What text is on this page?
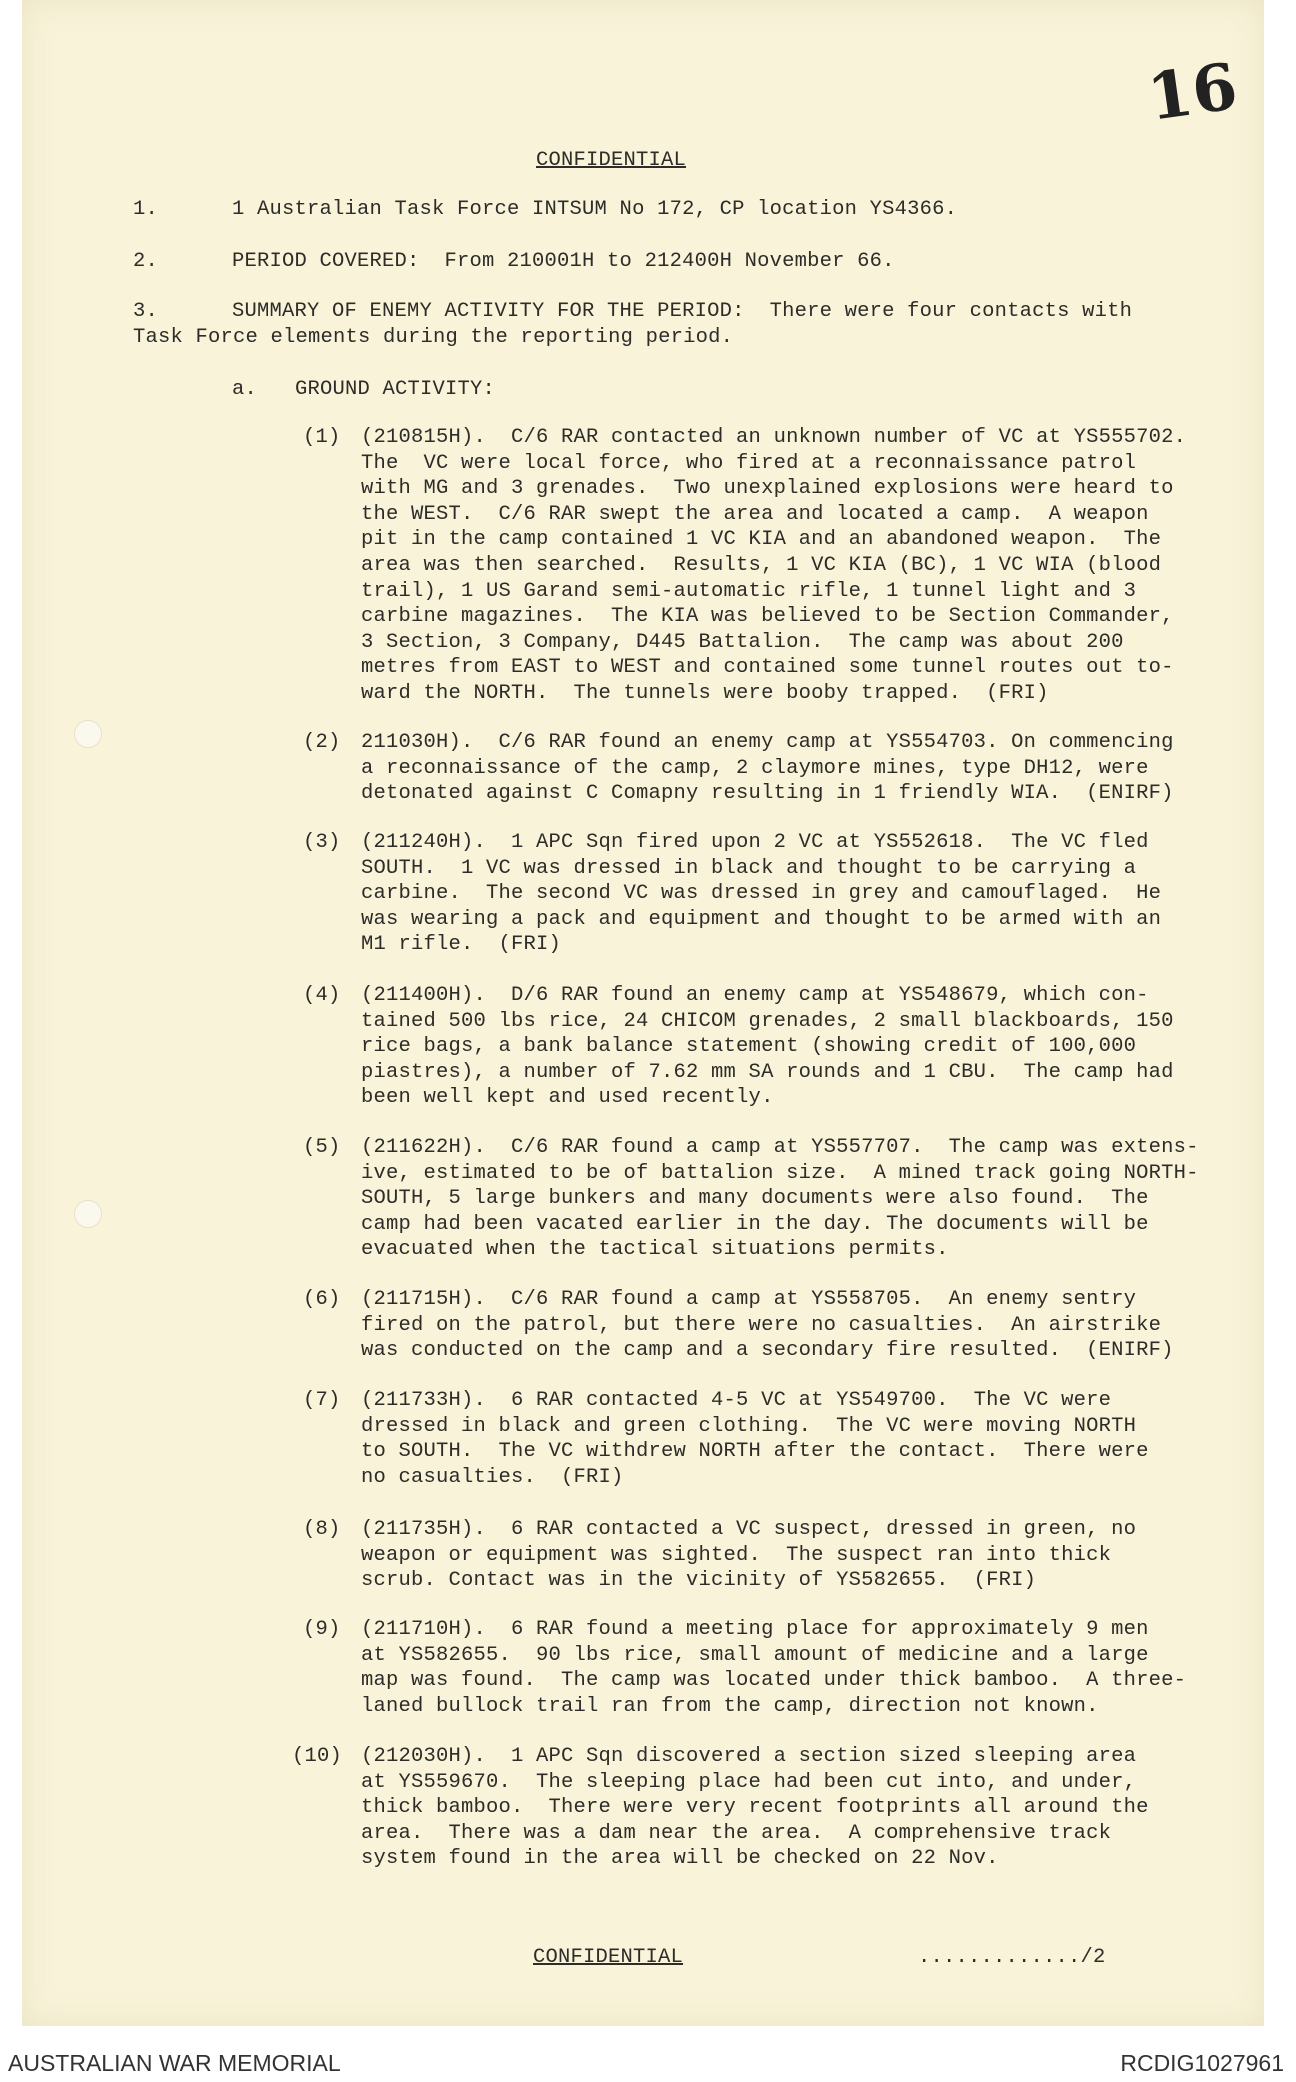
16
CONFIDENTIAL
1.	1 Australian Task Force INTSUM No 172, CP location YS4366.
2.	PERIOD COVERED:  From 210001H to 212400H November 66.
3.	SUMMARY OF ENEMY ACTIVITY FOR THE PERIOD:  There were four contacts with
Task Force elements during the reporting period.
a. GROUND ACTIVITY:
(1) (210815H).  C/6 RAR contacted an unknown number of VC at YS555702.
The  VC were local force, who fired at a reconnaissance patrol
with MG and 3 grenades.  Two unexplained explosions were heard to
the WEST.  C/6 RAR swept the area and located a camp.  A weapon
pit in the camp contained 1 VC KIA and an abandoned weapon.  The
area was then searched.  Results, 1 VC KIA (BC), 1 VC WIA (blood
trail), 1 US Garand semi-automatic rifle, 1 tunnel light and 3
carbine magazines.  The KIA was believed to be Section Commander,
3 Section, 3 Company, D445 Battalion.  The camp was about 200
metres from EAST to WEST and contained some tunnel routes out to-
ward the NORTH.  The tunnels were booby trapped.  (FRI)
(2) 211030H).  C/6 RAR found an enemy camp at YS554703. On commencing
a reconnaissance of the camp, 2 claymore mines, type DH12, were
detonated against C Comapny resulting in 1 friendly WIA.  (ENIRF)
(3) (211240H).  1 APC Sqn fired upon 2 VC at YS552618.  The VC fled
SOUTH.  1 VC was dressed in black and thought to be carrying a
carbine.  The second VC was dressed in grey and camouflaged.  He
was wearing a pack and equipment and thought to be armed with an
M1 rifle.  (FRI)
(4) (211400H).  D/6 RAR found an enemy camp at YS548679, which con-
tained 500 lbs rice, 24 CHICOM grenades, 2 small blackboards, 150
rice bags, a bank balance statement (showing credit of 100,000
piastres), a number of 7.62 mm SA rounds and 1 CBU.  The camp had
been well kept and used recently.
(5) (211622H).  C/6 RAR found a camp at YS557707.  The camp was extens-
ive, estimated to be of battalion size.  A mined track going NORTH-
SOUTH, 5 large bunkers and many documents were also found.  The
camp had been vacated earlier in the day. The documents will be
evacuated when the tactical situations permits.
(6) (211715H).  C/6 RAR found a camp at YS558705.  An enemy sentry
fired on the patrol, but there were no casualties.  An airstrike
was conducted on the camp and a secondary fire resulted.  (ENIRF)
(7) (211733H).  6 RAR contacted 4-5 VC at YS549700.  The VC were
dressed in black and green clothing.  The VC were moving NORTH
to SOUTH.  The VC withdrew NORTH after the contact.  There were
no casualties.  (FRI)
(8) (211735H).  6 RAR contacted a VC suspect, dressed in green, no
weapon or equipment was sighted.  The suspect ran into thick
scrub. Contact was in the vicinity of YS582655.  (FRI)
(9) (211710H).  6 RAR found a meeting place for approximately 9 men
at YS582655.  90 lbs rice, small amount of medicine and a large
map was found.  The camp was located under thick bamboo.  A three-
laned bullock trail ran from the camp, direction not known.
(10) (212030H).  1 APC Sqn discovered a section sized sleeping area
at YS559670.  The sleeping place had been cut into, and under,
thick bamboo.  There were very recent footprints all around the
area.  There was a dam near the area.  A comprehensive track
system found in the area will be checked on 22 Nov.
CONFIDENTIAL	............./2
AUSTRALIAN WAR MEMORIAL	RCDIG1027961
